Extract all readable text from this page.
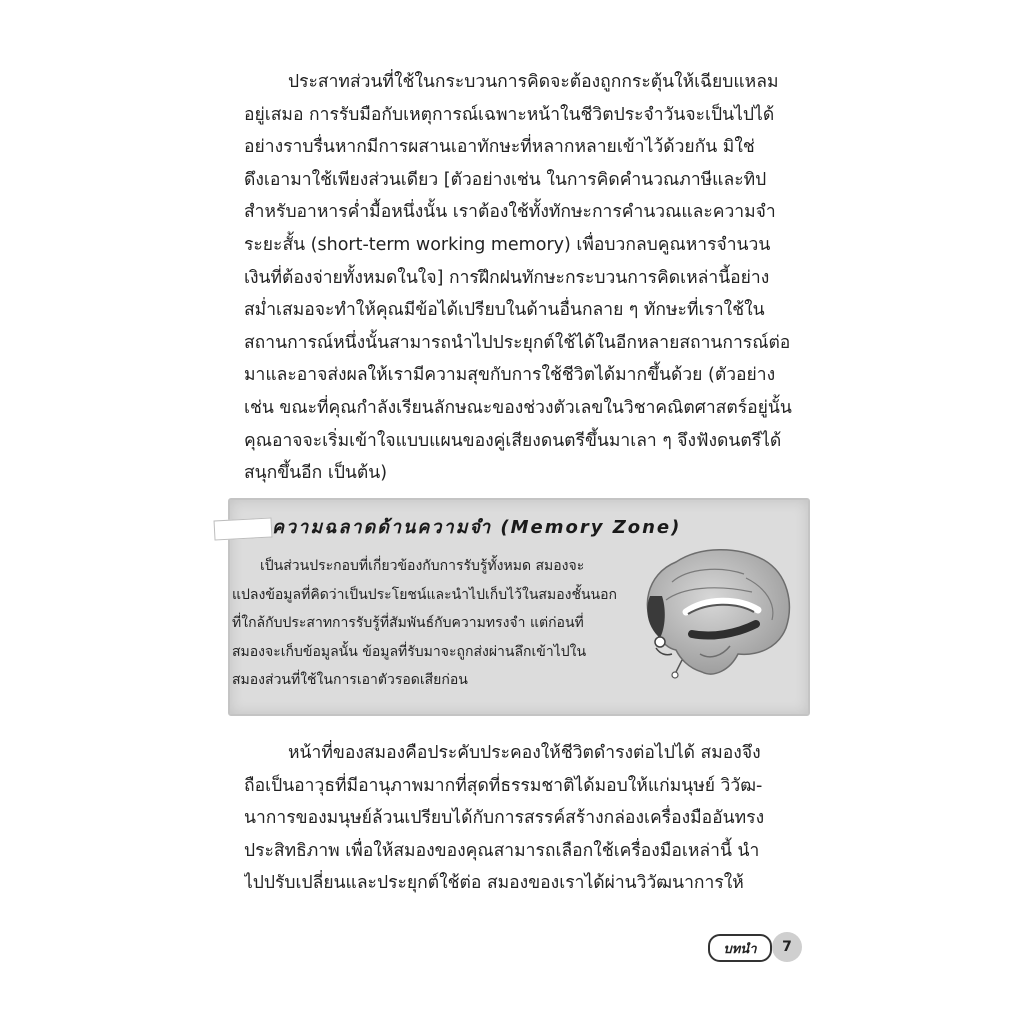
ประสาทส่วนที่ใช้ในกระบวนการคิดจะต้องถูกกระตุ้นให้เฉียบแหลม
อยู่เสมอ การรับมือกับเหตุการณ์เฉพาะหน้าในชีวิตประจำวันจะเป็นไปได้
อย่างราบรื่นหากมีการผสานเอาทักษะที่หลากหลายเข้าไว้ด้วยกัน มิใช่
ดึงเอามาใช้เพียงส่วนเดียว [ตัวอย่างเช่น ในการคิดคำนวณภาษีและทิป
สำหรับอาหารค่ำมื้อหนึ่งนั้น เราต้องใช้ทั้งทักษะการคำนวณและความจำ
ระยะสั้น (short-term working memory) เพื่อบวกลบคูณหารจำนวน
เงินที่ต้องจ่ายทั้งหมดในใจ] การฝึกฝนทักษะกระบวนการคิดเหล่านี้อย่าง
สม่ำเสมอจะทำให้คุณมีข้อได้เปรียบในด้านอื่นกลาย ๆ ทักษะที่เราใช้ใน
สถานการณ์หนึ่งนั้นสามารถนำไปประยุกต์ใช้ได้ในอีกหลายสถานการณ์ต่อ
มาและอาจส่งผลให้เรามีความสุขกับการใช้ชีวิตได้มากขึ้นด้วย (ตัวอย่าง
เช่น ขณะที่คุณกำลังเรียนลักษณะของช่วงตัวเลขในวิชาคณิตศาสตร์อยู่นั้น
คุณอาจจะเริ่มเข้าใจแบบแผนของคู่เสียงดนตรีขึ้นมาเลา ๆ จึงฟังดนตรีได้
สนุกขึ้นอีก เป็นต้น)
ความฉลาดด้านความจำ (Memory Zone)
เป็นส่วนประกอบที่เกี่ยวข้องกับการรับรู้ทั้งหมด สมองจะ
แปลงข้อมูลที่คิดว่าเป็นประโยชน์และนำไปเก็บไว้ในสมองชั้นนอก
ที่ใกล้กับประสาทการรับรู้ที่สัมพันธ์กับความทรงจำ แต่ก่อนที่
สมองจะเก็บข้อมูลนั้น ข้อมูลที่รับมาจะถูกส่งผ่านลึกเข้าไปใน
สมองส่วนที่ใช้ในการเอาตัวรอดเสียก่อน
หน้าที่ของสมองคือประคับประคองให้ชีวิตดำรงต่อไปได้ สมองจึง
ถือเป็นอาวุธที่มีอานุภาพมากที่สุดที่ธรรมชาติได้มอบให้แก่มนุษย์ วิวัฒ-
นาการของมนุษย์ล้วนเปรียบได้กับการสรรค์สร้างกล่องเครื่องมืออันทรง
ประสิทธิภาพ เพื่อให้สมองของคุณสามารถเลือกใช้เครื่องมือเหล่านี้ นำ
ไปปรับเปลี่ยนและประยุกต์ใช้ต่อ สมองของเราได้ผ่านวิวัฒนาการให้
บทนำ	7
